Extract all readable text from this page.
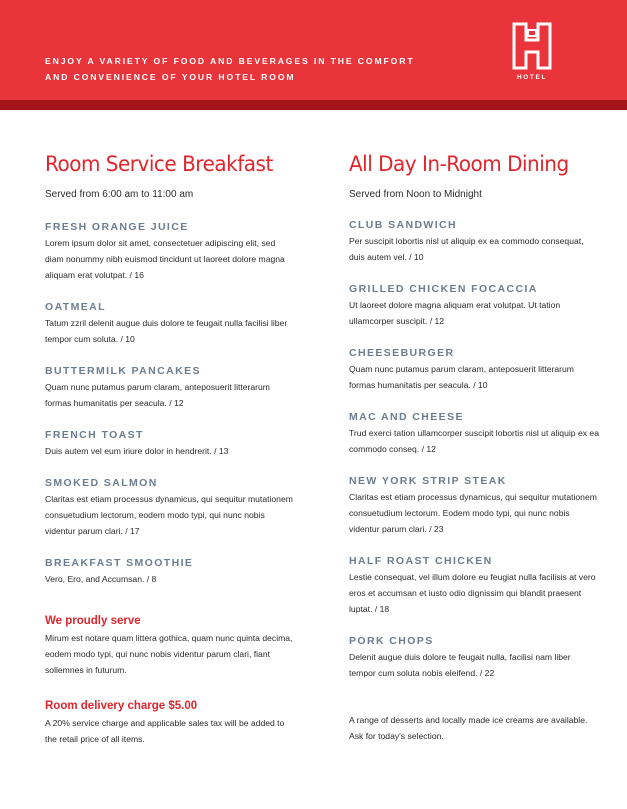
ENJOY A VARIETY OF FOOD AND BEVERAGES IN THE COMFORT
AND CONVENIENCE OF YOUR HOTEL ROOM	HOTEL
Room Service Breakfast
Served from 6:00 am to 11:00 am
FRESH ORANGE JUICE
Lorem ipsum dolor sit amet, consectetuer adipiscing elit, sed diam nonummy nibh euismod tincidunt ut laoreet dolore magna aliquam erat volutpat. / 16
OATMEAL
Tatum zzril delenit augue duis dolore te feugait nulla facilisi liber tempor cum soluta. / 10
BUTTERMILK PANCAKES
Quam nunc putamus parum claram, anteposuerit litterarum formas humanitatis per seacula. / 12
FRENCH TOAST
Duis autem vel eum iriure dolor in hendrerit. / 13
SMOKED SALMON
Claritas est etiam processus dynamicus, qui sequitur mutationem consuetudium lectorum, eodem modo typi, qui nunc nobis videntur parum clari. / 17
BREAKFAST SMOOTHIE
Vero, Ero, and Accumsan. / 8
We proudly serve
Mirum est notare quam littera gothica, quam nunc quinta decima, eodem modo typi, qui nunc nobis videntur parum clari, fiant sollemnes in futurum.
Room delivery charge $5.00
A 20% service charge and applicable sales tax will be added to the retail price of all items.
All Day In-Room Dining
Served from Noon to Midnight
CLUB SANDWICH
Per suscipit lobortis nisl ut aliquip ex ea commodo consequat, duis autem vel. / 10
GRILLED CHICKEN FOCACCIA
Ut laoreet dolore magna aliquam erat volutpat. Ut tation ullamcorper suscipit. / 12
CHEESEBURGER
Quam nunc putamus parum claram, anteposuerit litterarum formas humanitatis per seacula. / 10
MAC AND CHEESE
Trud exerci tation ullamcorper suscipit lobortis nisl ut aliquip ex ea commodo conseq. / 12
NEW YORK STRIP STEAK
Claritas est etiam processus dynamicus, qui sequitur mutationem consuetudium lectorum. Eodem modo typi, qui nunc nobis videntur parum clari. / 23
HALF ROAST CHICKEN
Lestie consequat, vel illum dolore eu feugiat nulla facilisis at vero eros et accumsan et iusto odio dignissim qui blandit praesent luptat. / 18
PORK CHOPS
Delenit augue duis dolore te feugait nulla, facilisi nam liber tempor cum soluta nobis eleifend. / 22
A range of desserts and locally made ice creams are available. Ask for today's selection.
